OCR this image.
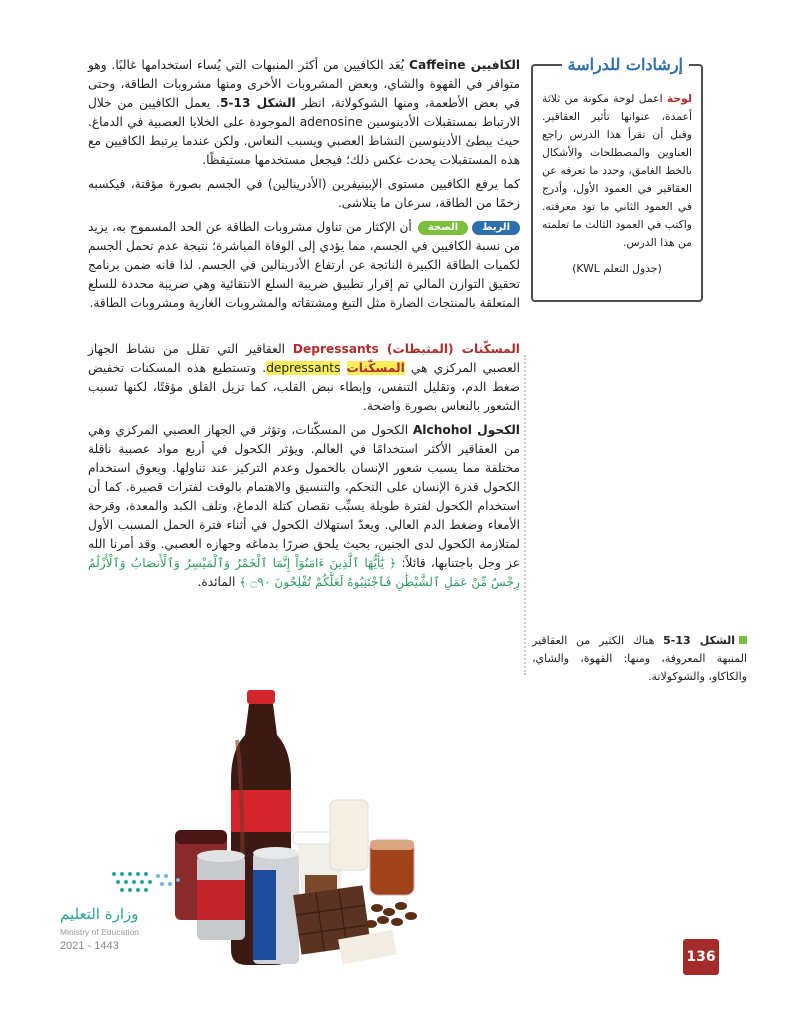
الكافيين Caffeine يُعَد الكافيين من أكثر المنبهات التي يُساء استخدامها غالبًا. وهو متوافر في القهوة والشاي، وبعض المشروبات الأخرى ومنها مشروبات الطاقة، وحتى في بعض الأطعمة، ومنها الشوكولاتة، انظر الشكل 13-5. يعمل الكافيين من خلال الارتباط بمستقبلات الأدينوسين adenosine الموجودة على الخلايا العصبية في الدماغ. حيث يبطئ الأدينوسين النشاط العصبي ويسبب النعاس. ولكن عندما يرتبط الكافيين مع هذه المستقبلات يحدث عكس ذلك؛ فيجعل مستخدمها مستيقظًا.

كما يرفع الكافيين مستوى الإبينيفرين (الأدرينالين) في الجسم بصورة مؤقتة، فيكسبه زخمًا من الطاقة، سرعان ما يتلاشى.

الربط
الصحة
أن الإكثار من تناول مشروبات الطاقة عن الحد المسموح به، يزيد من نسبة الكافيين في الجسم، مما يؤدي إلى الوفاة المباشرة؛ نتيجة عدم تحمل الجسم لكميات الطاقة الكبيرة الناتجة عن ارتفاع الأدرينالين في الجسم. لذا فانه ضمن برنامج تحقيق التوازن المالي تم إقرار تطبيق ضريبة السلع الانتقائية وهي ضريبة محددة للسلع المتعلقة بالمنتجات الضارة مثل التبغ ومشتقاته والمشروبات الغازية ومشروبات الطاقة.

المسكّنات (المثبطات) Depressants العقاقير التي تقلل من نشاط الجهاز العصبي المركزي هي المسكّنات depressants. وتستطيع هذه المسكنات تخفيض ضغط الدم، وتقليل التنفس، وإبطاء نبض القلب، كما تزيل القلق مؤقتًا، لكنها تسبب الشعور بالنعاس بصورة واضحة.

الكحول Alchohol الكحول من المسكّنات، وتؤثر في الجهاز العصبي المركزي وهي من العقاقير الأكثر استخدامًا في العالم. ويؤثر الكحول في أربع مواد عصبية ناقلة مختلفة مما يسبب شعور الإنسان بالخمول وعدم التركيز عند تناولها. ويعوق استخدام الكحول قدرة الإنسان على التحكم، والتنسيق والاهتمام بالوقت لفترات قصيرة. كما أن استخدام الكحول لفترة طويلة يسبِّب نقصان كتلة الدماغ، وتلف الكبد والمعدة، وقرحة الأمعاء وضغط الدم العالي. ويعدّ استهلاك الكحول في أثناء فترة الحمل المسبب الأول لمتلازمة الكحول لدى الجنين، بحيث يلحق ضررًا بدماغه وجهازه العصبي. وقد أمرنا الله عز وجل باجتنابها، قائلاً: ﴿ يَٰٓأَيُّهَا ٱلَّذِينَ ءَامَنُوٓاْ إِنَّمَا ٱلْخَمْرُ وَٱلْمَيْسِرُ وَٱلْأَنصَابُ وَٱلْأَزْلَٰمُ رِجْسٌ مِّنْ عَمَلِ ٱلشَّيْطَٰنِ فَٱجْتَنِبُوهُ لَعَلَّكُمْ تُفْلِحُونَ ۝٩٠ ﴾ المائدة.

إرشادات للدراسة
لوحة اعمل لوحة مكونة من ثلاثة أعمدة، عنوانها تأثير العقاقير. وقبل أن تقرأ هذا الدرس راجع العناوين والمصطلحات والأشكال بالخط الغامق، وحدد ما تعرفه عن العقاقير في العمود الأول، وأدرج في العمود الثاني ما تود معرفته. واكتب في العمود الثالث ما تعلمته من هذا الدرس.
(جدول التعلم KWL)
الشكل 13-5 هناك الكثير من العقاقير المنبهة المعروفة، ومنها: القهوة، والشاي، والكاكاو، والشوكولاتة.
وزارة التعليم
Ministry of Education
2021 - 1443
136
